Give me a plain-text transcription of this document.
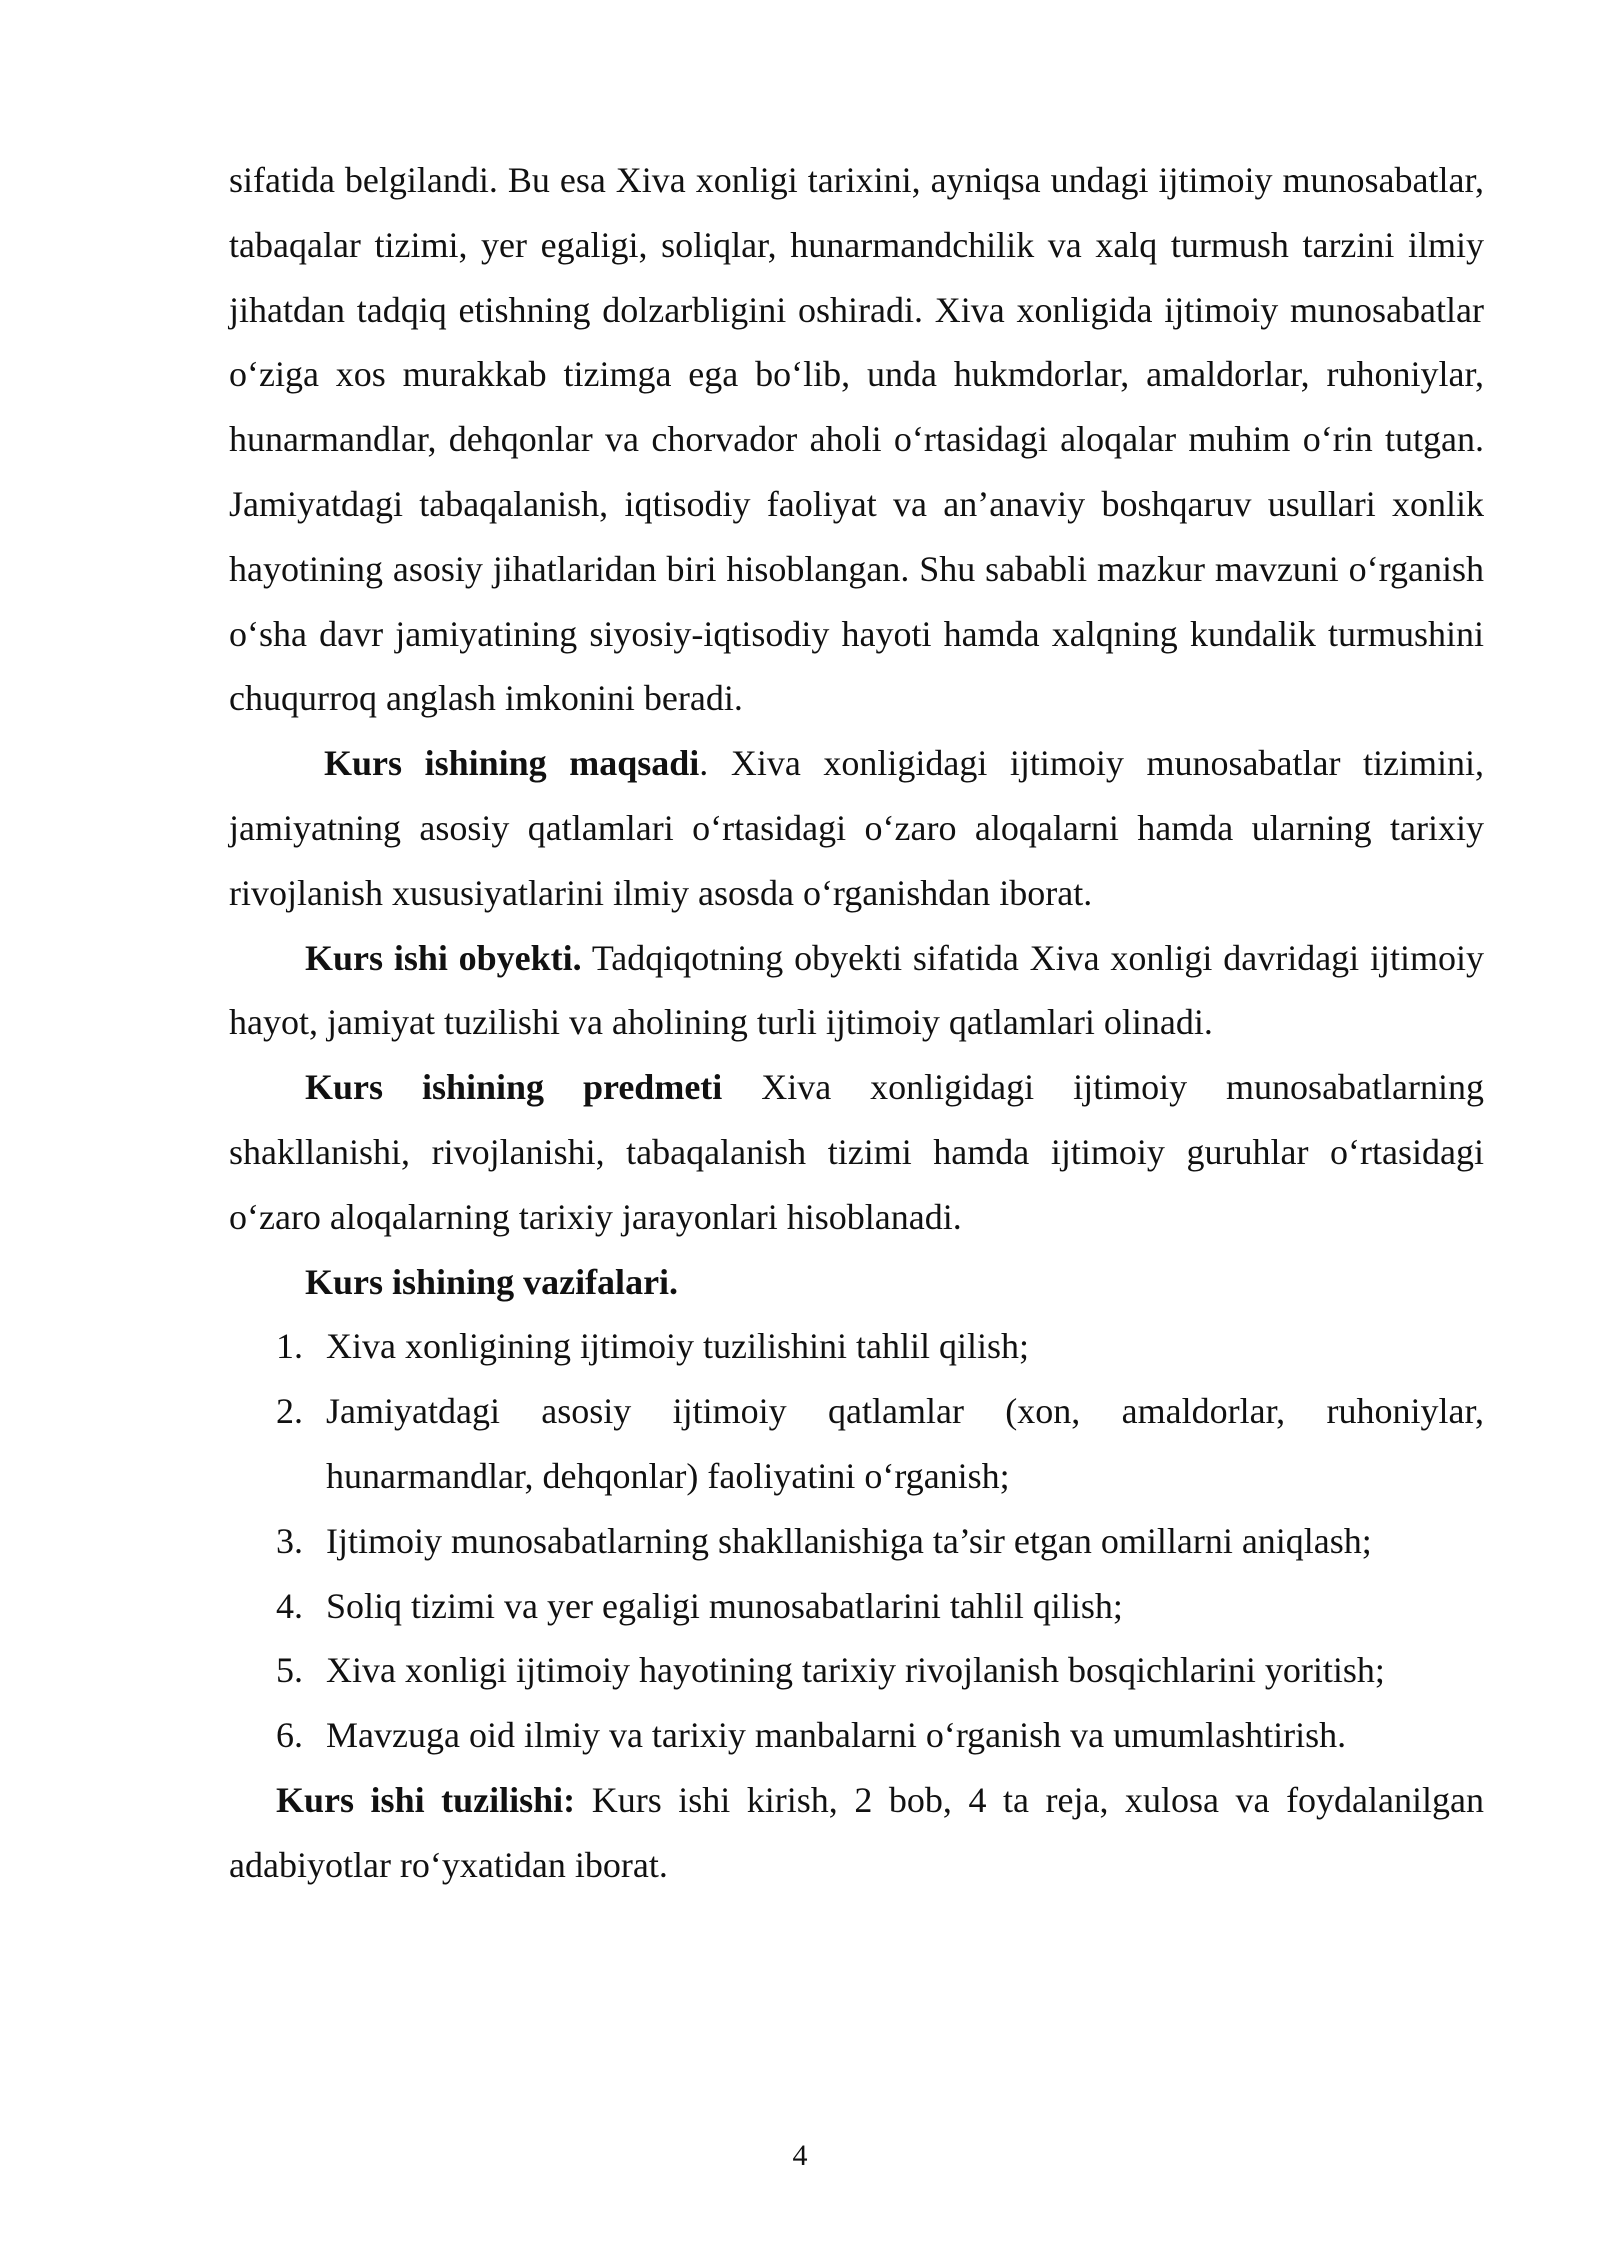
sifatida belgilandi. Bu esa Xiva xonligi tarixini, ayniqsa undagi ijtimoiy munosabatlar, tabaqalar tizimi, yer egaligi, soliqlar, hunarmandchilik va xalq turmush tarzini ilmiy jihatdan tadqiq etishning dolzarbligini oshiradi. Xiva xonligida ijtimoiy munosabatlar o‘ziga xos murakkab tizimga ega bo‘lib, unda hukmdorlar, amaldorlar, ruhoniylar, hunarmandlar, dehqonlar va chorvador aholi o‘rtasidagi aloqalar muhim o‘rin tutgan. Jamiyatdagi tabaqalanish, iqtisodiy faoliyat va an’anaviy boshqaruv usullari xonlik hayotining asosiy jihatlaridan biri hisoblangan. Shu sababli mazkur mavzuni o‘rganish o‘sha davr jamiyatining siyosiy-iqtisodiy hayoti hamda xalqning kundalik turmushini chuqurroq anglash imkonini beradi.

Kurs ishining maqsadi. Xiva xonligidagi ijtimoiy munosabatlar tizimini, jamiyatning asosiy qatlamlari o‘rtasidagi o‘zaro aloqalarni hamda ularning tarixiy rivojlanish xususiyatlarini ilmiy asosda o‘rganishdan iborat.

Kurs ishi obyekti. Tadqiqotning obyekti sifatida Xiva xonligi davridagi ijtimoiy hayot, jamiyat tuzilishi va aholining turli ijtimoiy qatlamlari olinadi.

Kurs ishining predmeti Xiva xonligidagi ijtimoiy munosabatlarning shakllanishi, rivojlanishi, tabaqalanish tizimi hamda ijtimoiy guruhlar o‘rtasidagi o‘zaro aloqalarning tarixiy jarayonlari hisoblanadi.

Kurs ishining vazifalari.

1. Xiva xonligining ijtimoiy tuzilishini tahlil qilish;
2. Jamiyatdagi asosiy ijtimoiy qatlamlar (xon, amaldorlar, ruhoniylar, hunarmandlar, dehqonlar) faoliyatini o‘rganish;
3. Ijtimoiy munosabatlarning shakllanishiga ta’sir etgan omillarni aniqlash;
4. Soliq tizimi va yer egaligi munosabatlarini tahlil qilish;
5. Xiva xonligi ijtimoiy hayotining tarixiy rivojlanish bosqichlarini yoritish;
6. Mavzuga oid ilmiy va tarixiy manbalarni o‘rganish va umumlashtirish.

Kurs ishi tuzilishi: Kurs ishi kirish, 2 bob, 4 ta reja, xulosa va foydalanilgan adabiyotlar ro‘yxatidan iborat.

4
